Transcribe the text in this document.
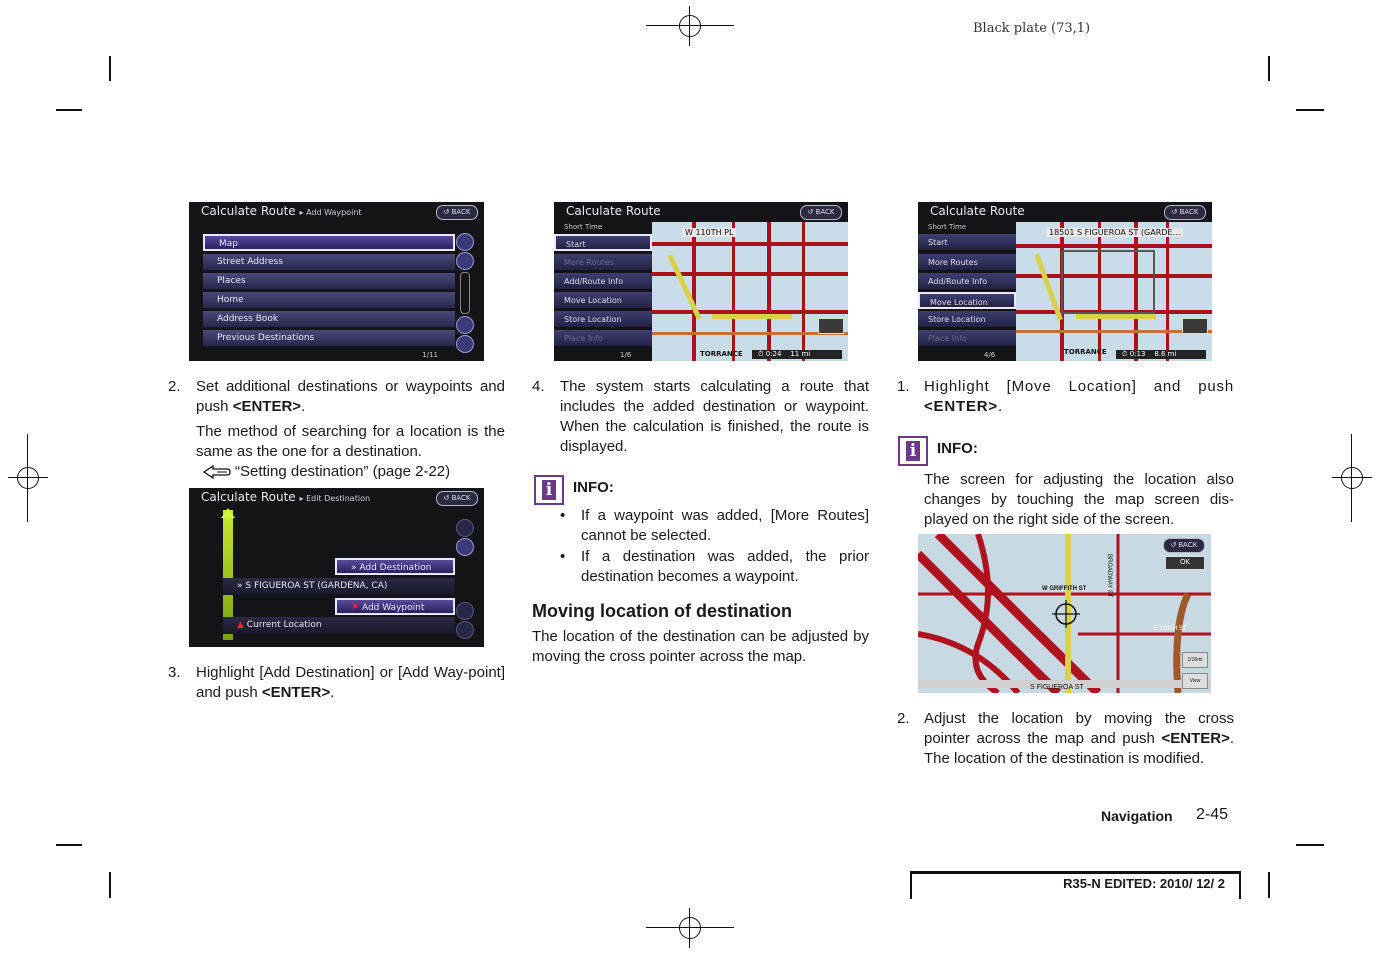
Black plate (73,1)
Calculate Route ▸ Add Waypoint	↺ BACK
Map
Street Address
Places
Home
Address Book
Previous Destinations
1/11
2. Set additional destinations or waypoints and push <ENTER>.
The method of searching for a location is the same as the one for a destination.
“Setting destination” (page 2-22)
Calculate Route ▸ Edit Destination	↺ BACK
» Add Destination
» S FIGUEROA ST (GARDENA, CA)
⚑ Add Waypoint
▲ Current Location
3. Highlight [Add Destination] or [Add Way-point] and push <ENTER>.
W 110TH PL
TORRANCE	⏱ 0:24 11 mi
Calculate Route	↺ BACK
Short Time
Start
More Routes
Add/Route Info
Move Location
Store Location
Place Info
1/6
4. The system starts calculating a route that includes the added destination or waypoint. When the calculation is finished, the route is displayed.
i INFO:
• If a waypoint was added, [More Routes] cannot be selected.
• If a destination was added, the prior destination becomes a waypoint.
Moving location of destination
The location of the destination can be adjusted by moving the cross pointer across the map.
18501 S FIGUEROA ST (GARDE...
TORRANCE	⏱ 0:13 8.6 mi
Calculate Route	↺ BACK
Short Time
Start
More Routes
Add/Route Info
Move Location
Store Location
Place Info
4/6
1. Highlight [Move Location] and push <ENTER>.
i INFO:
The screen for adjusting the location also changes by touching the map screen dis-played on the right side of the screen.
W GRIFFITH ST
S FIGUEROA ST
E 110TH ST
BROADWAY ST
↺ BACK
OK
1/16mi
View
2. Adjust the location by moving the cross pointer across the map and push <ENTER>. The location of the destination is modified.
Navigation 2-45
R35-N EDITED: 2010/ 12/ 2
